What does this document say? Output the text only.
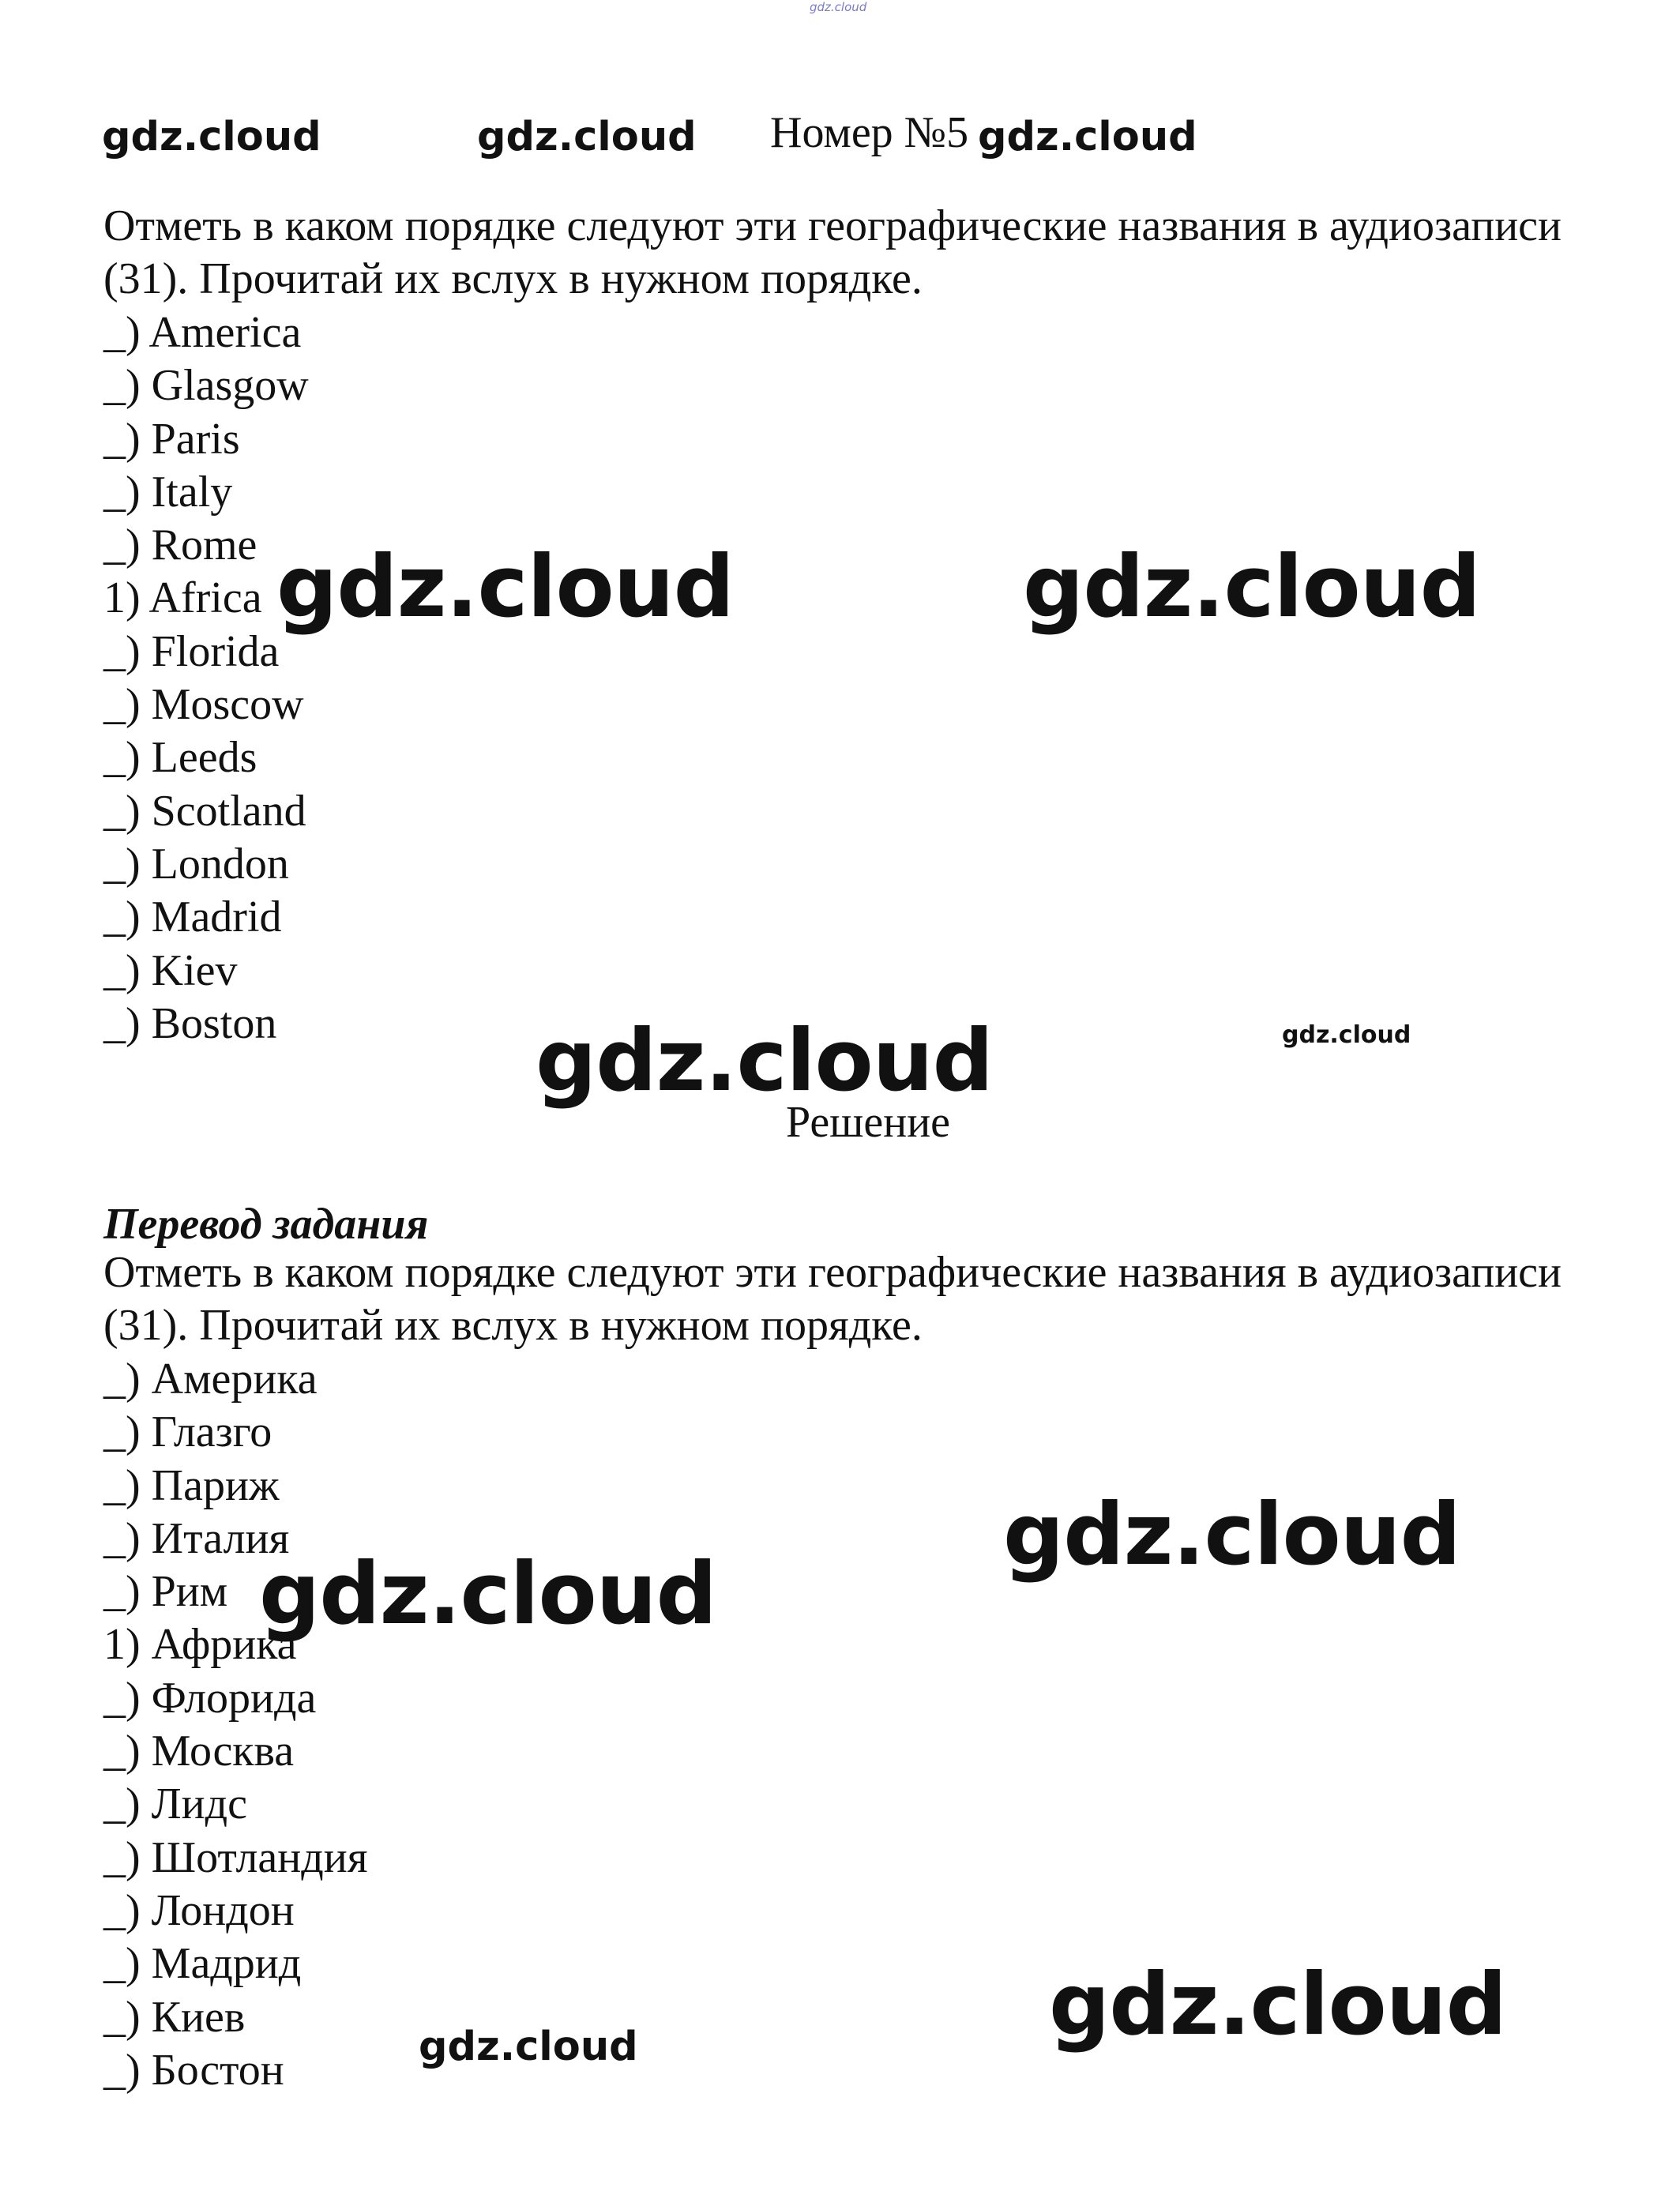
gdz.cloud
gdz.cloud	gdz.cloud	gdz.cloud
gdz.cloud	gdz.cloud
gdz.cloud	gdz.cloud
gdz.cloud
gdz.cloud
gdz.cloud
gdz.cloud
Номер №5

Отметь в каком порядке следуют эти географические названия в аудиозаписи (31). Прочитай их вслух в нужном порядке.

_) America
_) Glasgow
_) Paris
_) Italy
_) Rome
1) Africa
_) Florida
_) Moscow
_) Leeds
_) Scotland
_) London
_) Madrid
_) Kiev
_) Boston
Решение
Перевод задания

Отметь в каком порядке следуют эти географические названия в аудиозаписи (31). Прочитай их вслух в нужном порядке.

_) Америка
_) Глазго
_) Париж
_) Италия
_) Рим
1) Африка
_) Флорида
_) Москва
_) Лидс
_) Шотландия
_) Лондон
_) Мадрид
_) Киев
_) Бостон
